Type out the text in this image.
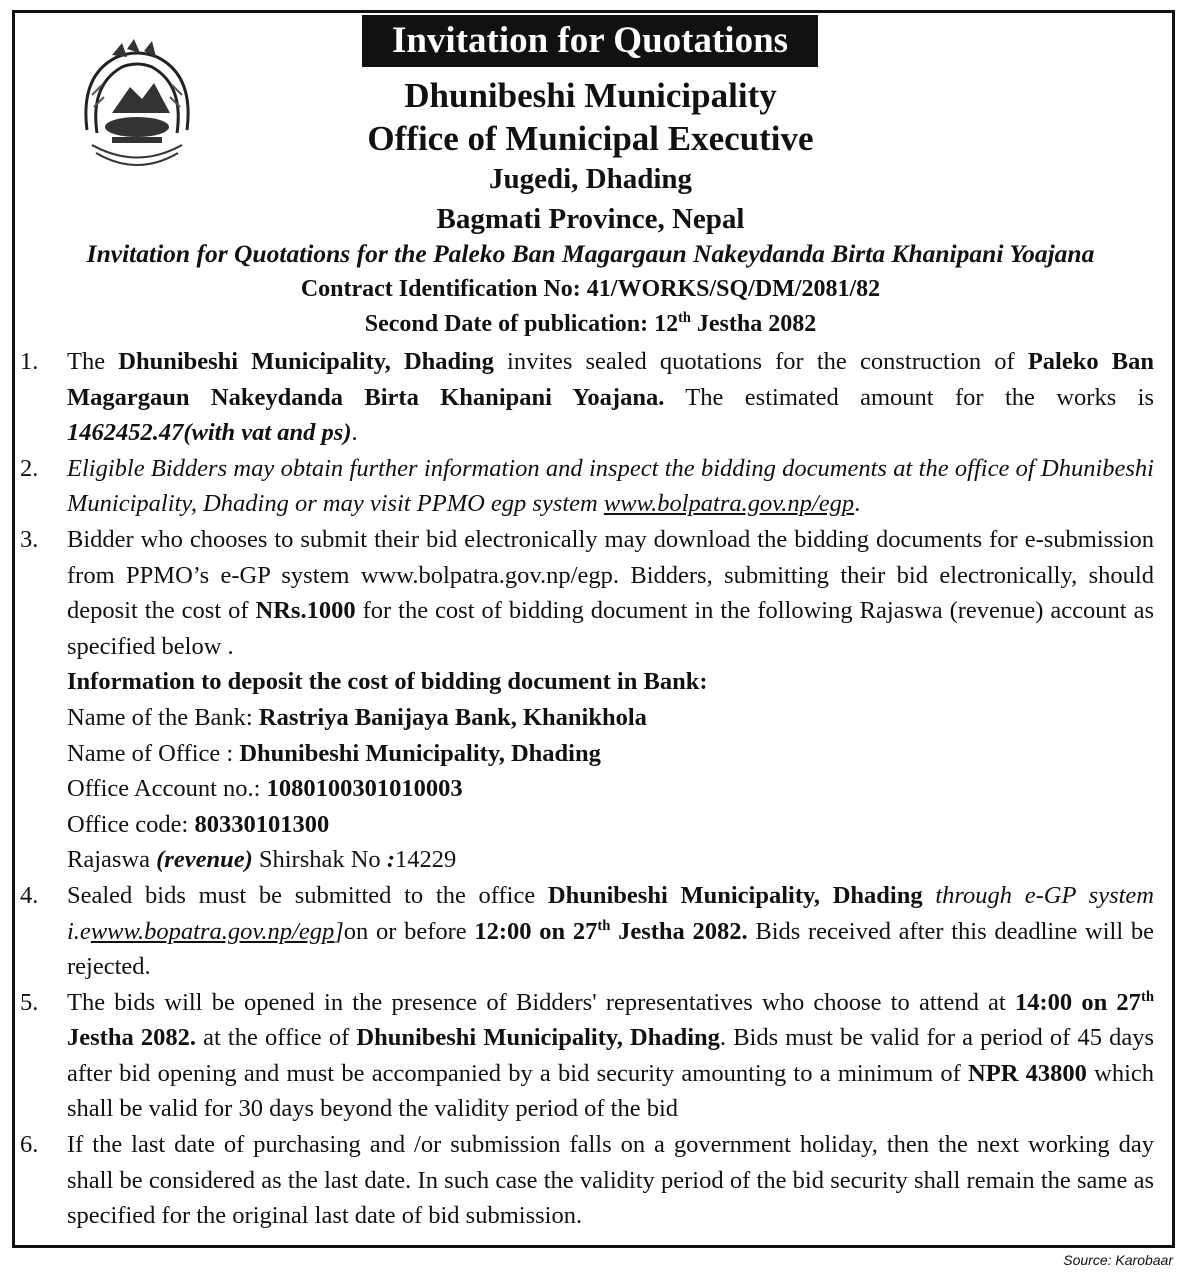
Invitation for Quotations
Dhunibeshi Municipality
Office of Municipal Executive
Jugedi, Dhading
Bagmati Province, Nepal
Invitation for Quotations for the Paleko Ban Magargaun Nakeydanda Birta Khanipani Yoajana
Contract Identification No: 41/WORKS/SQ/DM/2081/82
Second Date of publication: 12th Jestha 2082
1. The Dhunibeshi Municipality, Dhading invites sealed quotations for the construction of Paleko Ban Magargaun Nakeydanda Birta Khanipani Yoajana. The estimated amount for the works is 1462452.47(with vat and ps).
2. Eligible Bidders may obtain further information and inspect the bidding documents at the office of Dhunibeshi Municipality, Dhading or may visit PPMO egp system www.bolpatra.gov.np/egp.
3. Bidder who chooses to submit their bid electronically may download the bidding documents for e-submission from PPMO’s e-GP system www.bolpatra.gov.np/egp. Bidders, submitting their bid electronically, should deposit the cost of NRs.1000 for the cost of bidding document in the following Rajaswa (revenue) account as specified below .
Information to deposit the cost of bidding document in Bank:
Name of the Bank: Rastriya Banijaya Bank, Khanikhola
Name of Office : Dhunibeshi Municipality, Dhading
Office Account no.: 1080100301010003
Office code: 80330101300
Rajaswa (revenue) Shirshak No :14229
4. Sealed bids must be submitted to the office Dhunibeshi Municipality, Dhading through e-GP system i.ewww.bopatra.gov.np/egp]on or before 12:00 on 27th Jestha 2082. Bids received after this deadline will be rejected.
5. The bids will be opened in the presence of Bidders' representatives who choose to attend at 14:00 on 27th Jestha 2082. at the office of Dhunibeshi Municipality, Dhading. Bids must be valid for a period of 45 days after bid opening and must be accompanied by a bid security amounting to a minimum of NPR 43800 which shall be valid for 30 days beyond the validity period of the bid
6. If the last date of purchasing and /or submission falls on a government holiday, then the next working day shall be considered as the last date. In such case the validity period of the bid security shall remain the same as specified for the original last date of bid submission.
Source: Karobaar
